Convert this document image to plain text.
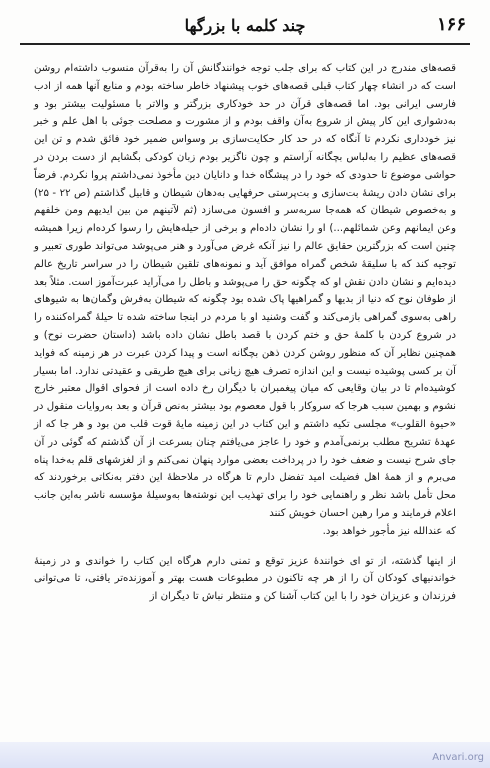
۱۶۶
چند کلمه با بزرگها

قصه‌های مندرج در این کتاب که برای جلب توجه خوانندگانش آن را به‌قرآن منسوب داشته‌ام روشن است که در انشاء چهار کتاب قبلی قصه‌های خوب پیشنهاد خاطر ساخته بودم و منابع آنها همه از ادب فارسی ایرانی بود. اما قصه‌های قرآن در حد خودکاری بزرگتر و والاتر با مسئولیت بیشتر بود و به‌دشواری این کار پیش از شروع به‌آن واقف بودم و از مشورت و مصلحت جوئی با اهل علم و خبر نیز خودداری نکردم تا آنگاه که در حد کار حکایت‌سازی بر وسواس ضمیر خود فائق شدم و تن این قصه‌های عظیم را به‌لباس بچگانه آراستم و چون ناگزیر بودم زبان کودکی بگشایم از دست بردن در حواشی موضوع تا حدودی که خود را در پیشگاه خدا و دانایان دین مأخوذ نمی‌داشتم پروا نکردم. فرضاً برای نشان دادن ریشهٔ بت‌سازی و بت‌پرستی حرفهایی به‌دهان شیطان و قابیل گذاشتم (ص ۲۲ - ۲۵) و به‌خصوص شیطان که همه‌جا سربه‌سر و افسون می‌سازد (ثم لآتینهم من بین ایدیهم ومن خلفهم وعن ایمانهم وعن شمائلهم...) او را نشان داده‌ام و برخی از حیله‌هایش را رسوا کرده‌ام زیرا همیشه چنین است که بزرگترین حقایق عالم را نیز آنکه غرض می‌آورد و هنر می‌پوشد می‌تواند طوری تعبیر و توجیه کند که با سلیقهٔ شخص گمراه موافق آید و نمونه‌های تلقین شیطان را در سراسر تاریخ عالم دیده‌ایم و نشان دادن نقش او که چگونه حق را می‌پوشد و باطل را می‌آراید عبرت‌آموز است. مثلاً بعد از طوفان نوح که دنیا از بدیها و گمراهیها پاک شده بود چگونه که شیطان به‌فرش وگمان‌ها به‌ شیوهای راهی به‌سوی گمراهی بازمی‌کند و گفت وشنید او با مردم در اینجا ساخته شده تا حیلهٔ گمراه‌کننده را در شروع کردن با کلمهٔ حق و ختم کردن با قصد باطل نشان داده باشد (داستان حضرت نوح) و همچنین نظایر آن که منظور روشن کردن ذهن بچگانه است و پیدا کردن عبرت در هر زمینه که فواید آن بر کسی پوشیده نیست و این اندازه تصرف هیچ زیانی برای هیچ طریقی و عقیدتی ندارد. اما بسیار کوشیده‌ام تا در بیان وقایعی که میان پیغمبران با دیگران رخ داده است از فحوای اقوال معتبر خارج نشوم و بهمین سبب هرجا که سروکار با قول معصوم بود بیشتر به‌نص قرآن و بعد به‌روایات منقول در «حیوة القلوب» مجلسی تکیه داشتم و این کتاب در این زمینه مایهٔ قوت قلب من بود و هر جا که از عهدهٔ تشریح مطلب برنمی‌آمدم و خود را عاجز می‌یافتم چنان بسرعت از آن گذشتم که گوئی در آن جای شرح نیست و ضعف خود را در پرداخت بعضی موارد پنهان نمی‌کنم و از لغزشهای قلم به‌خدا پناه می‌برم و از همهٔ اهل فضیلت امید تفضل دارم تا هرگاه در ملاحظهٔ این دفتر به‌نکاتی برخوردند که محل تأمل باشد نظر و راهنمایی خود را برای تهذیب این نوشته‌ها به‌وسیلهٔ مؤسسه ناشر به‌این جانب اعلام فرمایند و مرا رهین احسان خویش کنند

که عندالله نیز مأجور خواهد بود.

از اینها گذشته، از تو ای خوانندهٔ عزیز توقع و تمنی دارم هرگاه این کتاب را خواندی و در زمینهٔ خواندنیهای کودکان آن را از هر چه تاکنون در مطبوعات هست بهتر و آموزنده‌تر یافتی، تا می‌توانی فرزندان و عزیزان خود را با این کتاب آشنا کن و منتظر نباش تا دیگران از

Anvari.org
